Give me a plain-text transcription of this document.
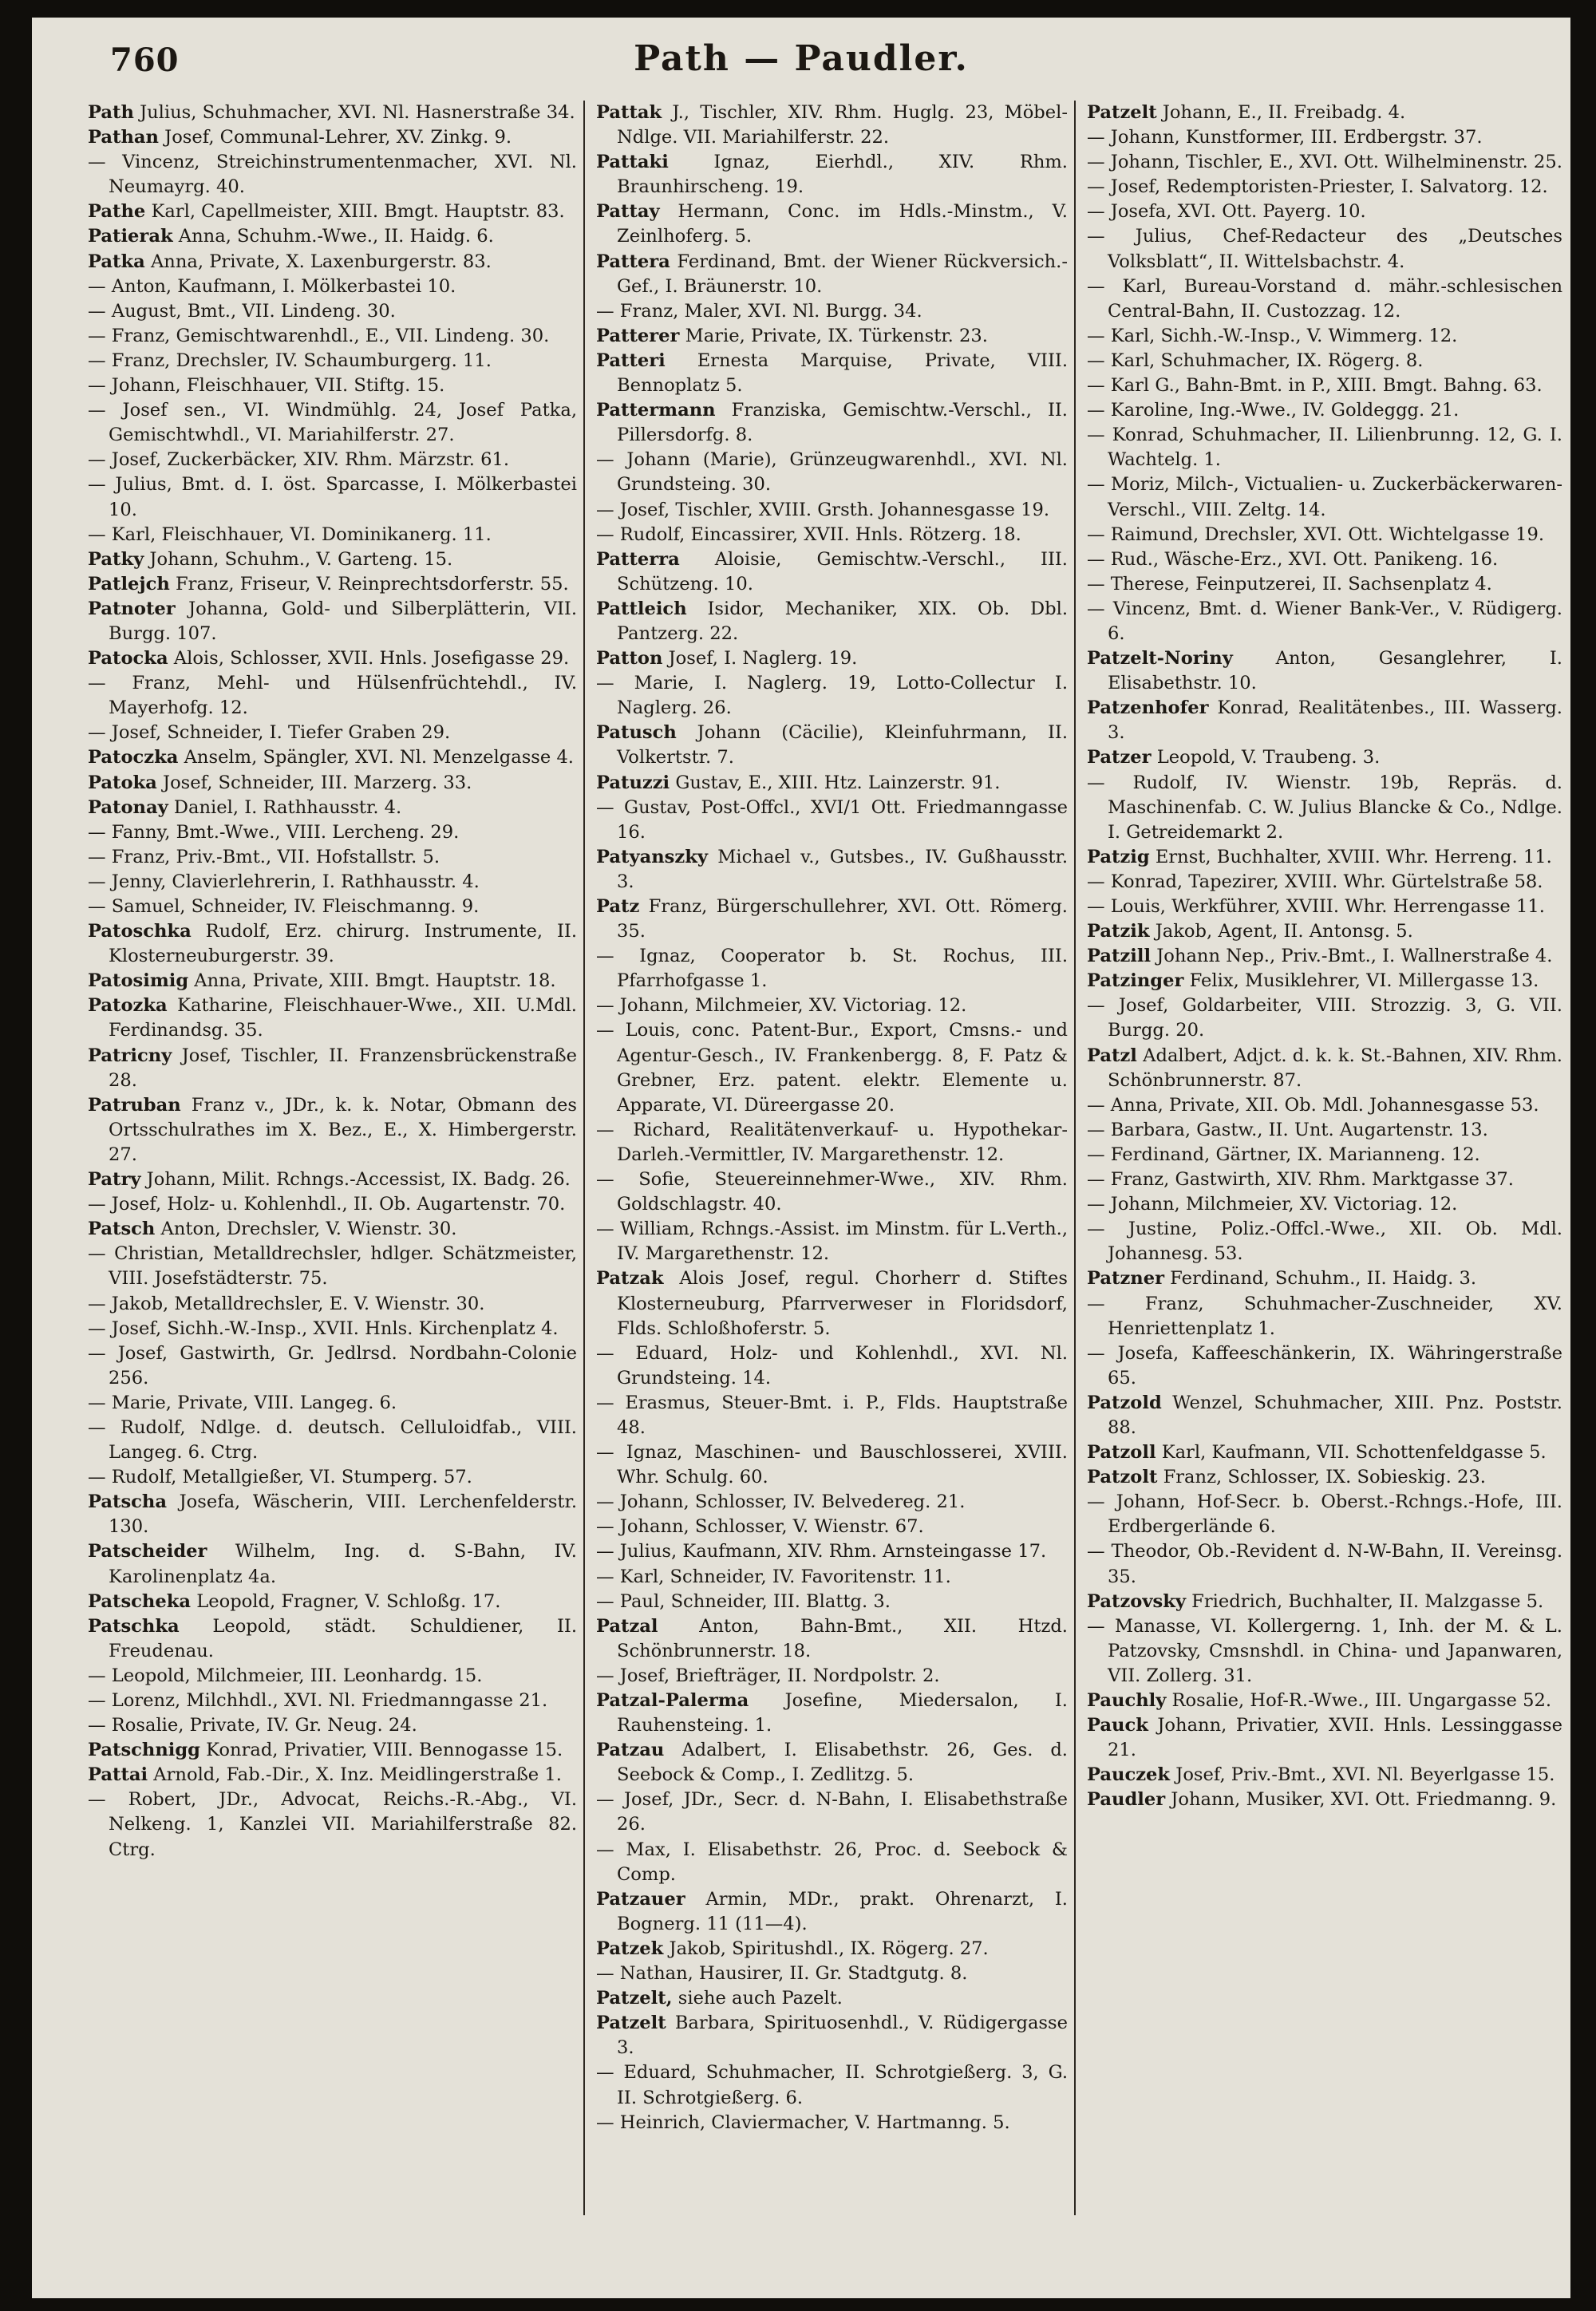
760	Path — Paudler.

Path Julius, Schuhmacher, XVI. Nl. Hasnerstraße 34.

Pathan Josef, Communal-Lehrer, XV. Zinkg. 9.

— Vincenz, Streichinstrumentenmacher, XVI. Nl. Neumayrg. 40.

Pathe Karl, Capellmeister, XIII. Bmgt. Hauptstr. 83.

Patierak Anna, Schuhm.-Wwe., II. Haidg. 6.

Patka Anna, Private, X. Laxenburgerstr. 83.

— Anton, Kaufmann, I. Mölkerbastei 10.

— August, Bmt., VII. Lindeng. 30.

— Franz, Gemischtwarenhdl., E., VII. Lindeng. 30.

— Franz, Drechsler, IV. Schaumburgerg. 11.

— Johann, Fleischhauer, VII. Stiftg. 15.

— Josef sen., VI. Windmühlg. 24, Josef Patka, Gemischtwhdl., VI. Mariahilferstr. 27.

— Josef, Zuckerbäcker, XIV. Rhm. Märzstr. 61.

— Julius, Bmt. d. I. öst. Sparcasse, I. Mölkerbastei 10.

— Karl, Fleischhauer, VI. Dominikanerg. 11.

Patky Johann, Schuhm., V. Garteng. 15.

Patlejch Franz, Friseur, V. Reinprechtsdorferstr. 55.

Patnoter Johanna, Gold- und Silberplätterin, VII. Burgg. 107.

Patocka Alois, Schlosser, XVII. Hnls. Josefigasse 29.

— Franz, Mehl- und Hülsenfrüchtehdl., IV. Mayerhofg. 12.

— Josef, Schneider, I. Tiefer Graben 29.

Patoczka Anselm, Spängler, XVI. Nl. Menzelgasse 4.

Patoka Josef, Schneider, III. Marzerg. 33.

Patonay Daniel, I. Rathhausstr. 4.

— Fanny, Bmt.-Wwe., VIII. Lercheng. 29.

— Franz, Priv.-Bmt., VII. Hofstallstr. 5.

— Jenny, Clavierlehrerin, I. Rathhausstr. 4.

— Samuel, Schneider, IV. Fleischmanng. 9.

Patoschka Rudolf, Erz. chirurg. Instrumente, II. Klosterneuburgerstr. 39.

Patosimig Anna, Private, XIII. Bmgt. Hauptstr. 18.

Patozka Katharine, Fleischhauer-Wwe., XII. U.Mdl. Ferdinandsg. 35.

Patricny Josef, Tischler, II. Franzensbrückenstraße 28.

Patruban Franz v., JDr., k. k. Notar, Obmann des Ortsschulrathes im X. Bez., E., X. Himbergerstr. 27.

Patry Johann, Milit. Rchngs.-Accessist, IX. Badg. 26.

— Josef, Holz- u. Kohlenhdl., II. Ob. Augartenstr. 70.

Patsch Anton, Drechsler, V. Wienstr. 30.

— Christian, Metalldrechsler, hdlger. Schätzmeister, VIII. Josefstädterstr. 75.

— Jakob, Metalldrechsler, E. V. Wienstr. 30.

— Josef, Sichh.-W.-Insp., XVII. Hnls. Kirchenplatz 4.

— Josef, Gastwirth, Gr. Jedlrsd. Nordbahn-Colonie 256.

— Marie, Private, VIII. Langeg. 6.

— Rudolf, Ndlge. d. deutsch. Celluloidfab., VIII. Langeg. 6. Ctrg.

— Rudolf, Metallgießer, VI. Stumperg. 57.

Patscha Josefa, Wäscherin, VIII. Lerchenfelderstr. 130.

Patscheider Wilhelm, Ing. d. S-Bahn, IV. Karolinenplatz 4a.

Patscheka Leopold, Fragner, V. Schloßg. 17.

Patschka Leopold, städt. Schuldiener, II. Freudenau.

— Leopold, Milchmeier, III. Leonhardg. 15.

— Lorenz, Milchhdl., XVI. Nl. Friedmanngasse 21.

— Rosalie, Private, IV. Gr. Neug. 24.

Patschnigg Konrad, Privatier, VIII. Bennogasse 15.

Pattai Arnold, Fab.-Dir., X. Inz. Meidlingerstraße 1.

— Robert, JDr., Advocat, Reichs.-R.-Abg., VI. Nelkeng. 1, Kanzlei VII. Mariahilferstraße 82. Ctrg.

Pattak J., Tischler, XIV. Rhm. Huglg. 23, Möbel-Ndlge. VII. Mariahilferstr. 22.

Pattaki Ignaz, Eierhdl., XIV. Rhm. Braunhirscheng. 19.

Pattay Hermann, Conc. im Hdls.-Minstm., V. Zeinlhoferg. 5.

Pattera Ferdinand, Bmt. der Wiener Rückversich.-Gef., I. Bräunerstr. 10.

— Franz, Maler, XVI. Nl. Burgg. 34.

Patterer Marie, Private, IX. Türkenstr. 23.

Patteri Ernesta Marquise, Private, VIII. Bennoplatz 5.

Pattermann Franziska, Gemischtw.-Verschl., II. Pillersdorfg. 8.

— Johann (Marie), Grünzeugwarenhdl., XVI. Nl. Grundsteing. 30.

— Josef, Tischler, XVIII. Grsth. Johannesgasse 19.

— Rudolf, Eincassirer, XVII. Hnls. Rötzerg. 18.

Patterra Aloisie, Gemischtw.-Verschl., III. Schützeng. 10.

Pattleich Isidor, Mechaniker, XIX. Ob. Dbl. Pantzerg. 22.

Patton Josef, I. Naglerg. 19.

— Marie, I. Naglerg. 19, Lotto-Collectur I. Naglerg. 26.

Patusch Johann (Cäcilie), Kleinfuhrmann, II. Volkertstr. 7.

Patuzzi Gustav, E., XIII. Htz. Lainzerstr. 91.

— Gustav, Post-Offcl., XVI/1 Ott. Friedmanngasse 16.

Patyanszky Michael v., Gutsbes., IV. Gußhausstr. 3.

Patz Franz, Bürgerschullehrer, XVI. Ott. Römerg. 35.

— Ignaz, Cooperator b. St. Rochus, III. Pfarrhofgasse 1.

— Johann, Milchmeier, XV. Victoriag. 12.

— Louis, conc. Patent-Bur., Export, Cmsns.- und Agentur-Gesch., IV. Frankenbergg. 8, F. Patz & Grebner, Erz. patent. elektr. Elemente u. Apparate, VI. Düreergasse 20.

— Richard, Realitätenverkauf- u. Hypothekar-Darleh.-Vermittler, IV. Margarethenstr. 12.

— Sofie, Steuereinnehmer-Wwe., XIV. Rhm. Goldschlagstr. 40.

— William, Rchngs.-Assist. im Minstm. für L.Verth., IV. Margarethenstr. 12.

Patzak Alois Josef, regul. Chorherr d. Stiftes Klosterneuburg, Pfarrverweser in Floridsdorf, Flds. Schloßhoferstr. 5.

— Eduard, Holz- und Kohlenhdl., XVI. Nl. Grundsteing. 14.

— Erasmus, Steuer-Bmt. i. P., Flds. Hauptstraße 48.

— Ignaz, Maschinen- und Bauschlosserei, XVIII. Whr. Schulg. 60.

— Johann, Schlosser, IV. Belvedereg. 21.

— Johann, Schlosser, V. Wienstr. 67.

— Julius, Kaufmann, XIV. Rhm. Arnsteingasse 17.

— Karl, Schneider, IV. Favoritenstr. 11.

— Paul, Schneider, III. Blattg. 3.

Patzal Anton, Bahn-Bmt., XII. Htzd. Schönbrunnerstr. 18.

— Josef, Briefträger, II. Nordpolstr. 2.

Patzal-Palerma Josefine, Miedersalon, I. Rauhensteing. 1.

Patzau Adalbert, I. Elisabethstr. 26, Ges. d. Seebock & Comp., I. Zedlitzg. 5.

— Josef, JDr., Secr. d. N-Bahn, I. Elisabethstraße 26.

— Max, I. Elisabethstr. 26, Proc. d. Seebock & Comp.

Patzauer Armin, MDr., prakt. Ohrenarzt, I. Bognerg. 11 (11—4).

Patzek Jakob, Spiritushdl., IX. Rögerg. 27.

— Nathan, Hausirer, II. Gr. Stadtgutg. 8.

Patzelt, siehe auch Pazelt.

Patzelt Barbara, Spirituosenhdl., V. Rüdigergasse 3.

— Eduard, Schuhmacher, II. Schrotgießerg. 3, G. II. Schrotgießerg. 6.

— Heinrich, Claviermacher, V. Hartmanng. 5.

Patzelt Johann, E., II. Freibadg. 4.

— Johann, Kunstformer, III. Erdbergstr. 37.

— Johann, Tischler, E., XVI. Ott. Wilhelminenstr. 25.

— Josef, Redemptoristen-Priester, I. Salvatorg. 12.

— Josefa, XVI. Ott. Payerg. 10.

— Julius, Chef-Redacteur des „Deutsches Volksblatt“, II. Wittelsbachstr. 4.

— Karl, Bureau-Vorstand d. mähr.-schlesischen Central-Bahn, II. Custozzag. 12.

— Karl, Sichh.-W.-Insp., V. Wimmerg. 12.

— Karl, Schuhmacher, IX. Rögerg. 8.

— Karl G., Bahn-Bmt. in P., XIII. Bmgt. Bahng. 63.

— Karoline, Ing.-Wwe., IV. Goldeggg. 21.

— Konrad, Schuhmacher, II. Lilienbrunng. 12, G. I. Wachtelg. 1.

— Moriz, Milch-, Victualien- u. Zuckerbäckerwaren-Verschl., VIII. Zeltg. 14.

— Raimund, Drechsler, XVI. Ott. Wichtelgasse 19.

— Rud., Wäsche-Erz., XVI. Ott. Panikeng. 16.

— Therese, Feinputzerei, II. Sachsenplatz 4.

— Vincenz, Bmt. d. Wiener Bank-Ver., V. Rüdigerg. 6.

Patzelt-Noriny Anton, Gesanglehrer, I. Elisabethstr. 10.

Patzenhofer Konrad, Realitätenbes., III. Wasserg. 3.

Patzer Leopold, V. Traubeng. 3.

— Rudolf, IV. Wienstr. 19b, Repräs. d. Maschinenfab. C. W. Julius Blancke & Co., Ndlge. I. Getreidemarkt 2.

Patzig Ernst, Buchhalter, XVIII. Whr. Herreng. 11.

— Konrad, Tapezirer, XVIII. Whr. Gürtelstraße 58.

— Louis, Werkführer, XVIII. Whr. Herrengasse 11.

Patzik Jakob, Agent, II. Antonsg. 5.

Patzill Johann Nep., Priv.-Bmt., I. Wallnerstraße 4.

Patzinger Felix, Musiklehrer, VI. Millergasse 13.

— Josef, Goldarbeiter, VIII. Strozzig. 3, G. VII. Burgg. 20.

Patzl Adalbert, Adjct. d. k. k. St.-Bahnen, XIV. Rhm. Schönbrunnerstr. 87.

— Anna, Private, XII. Ob. Mdl. Johannesgasse 53.

— Barbara, Gastw., II. Unt. Augartenstr. 13.

— Ferdinand, Gärtner, IX. Marianneng. 12.

— Franz, Gastwirth, XIV. Rhm. Marktgasse 37.

— Johann, Milchmeier, XV. Victoriag. 12.

— Justine, Poliz.-Offcl.-Wwe., XII. Ob. Mdl. Johannesg. 53.

Patzner Ferdinand, Schuhm., II. Haidg. 3.

— Franz, Schuhmacher-Zuschneider, XV. Henriettenplatz 1.

— Josefa, Kaffeeschänkerin, IX. Währingerstraße 65.

Patzold Wenzel, Schuhmacher, XIII. Pnz. Poststr. 88.

Patzoll Karl, Kaufmann, VII. Schottenfeldgasse 5.

Patzolt Franz, Schlosser, IX. Sobieskig. 23.

— Johann, Hof-Secr. b. Oberst.-Rchngs.-Hofe, III. Erdbergerlände 6.

— Theodor, Ob.-Revident d. N-W-Bahn, II. Vereinsg. 35.

Patzovsky Friedrich, Buchhalter, II. Malzgasse 5.

— Manasse, VI. Kollergerng. 1, Inh. der M. & L. Patzovsky, Cmsnshdl. in China- und Japanwaren, VII. Zollerg. 31.

Pauchly Rosalie, Hof-R.-Wwe., III. Ungargasse 52.

Pauck Johann, Privatier, XVII. Hnls. Lessinggasse 21.

Pauczek Josef, Priv.-Bmt., XVI. Nl. Beyerlgasse 15.

Paudler Johann, Musiker, XVI. Ott. Friedmanng. 9.
